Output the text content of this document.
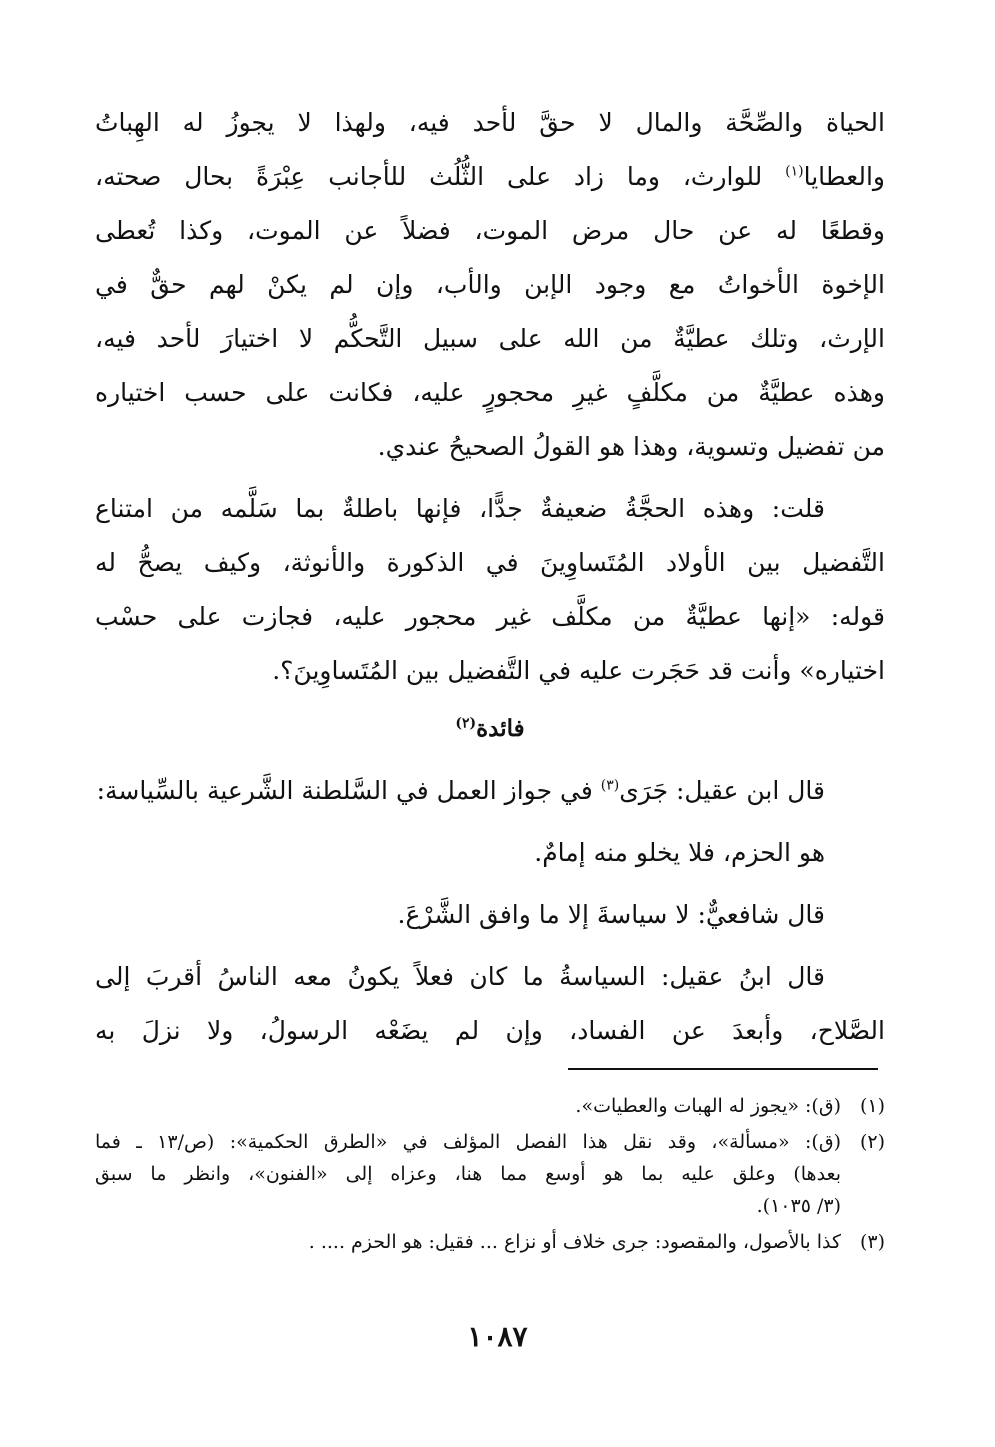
الحياة والصِّحَّة والمال لا حقَّ لأحد فيه، ولهذا لا يجوزُ له الهِباتُ
والعطايا$^{(١)}$ للوارث، وما زاد على الثُّلُث للأجانب عِبْرَةً بحال صحته،
وقطعًا له عن حال مرض الموت، فضلاً عن الموت، وكذا تُعطى
الإخوة الأخواتُ مع وجود الإبن والأب، وإن لم يكنْ لهم حقٌّ في
الإرث، وتلك عطيَّةٌ من الله على سبيل التَّحكُّم لا اختيارَ لأحد فيه،
وهذه عطيَّةٌ من مكلَّفٍ غيرِ محجورٍ عليه، فكانت على حسب اختياره
من تفضيل وتسوية، وهذا هو القولُ الصحيحُ عندي.
قلت: وهذه الحجَّةُ ضعيفةٌ جدًّا، فإنها باطلةٌ بما سَلَّمه من امتناع
التَّفضيل بين الأولاد المُتَساوِينَ في الذكورة والأنوثة، وكيف يصحُّ له
قوله: «إنها عطيَّةٌ من مكلَّف غير محجور عليه، فجازت على حسْب
اختياره» وأنت قد حَجَرت عليه في التَّفضيل بين المُتَساوِينَ؟.
فائدة$^{(٢)}$
قال ابن عقيل: جَرَى$^{(٣)}$ في جواز العمل في السَّلطنة الشَّرعية بالسِّياسة:
هو الحزم، فلا يخلو منه إمامٌ.
قال شافعيٌّ: لا سياسةَ إلا ما وافق الشَّرْعَ.
قال ابنُ عقيل: السياسةُ ما كان فعلاً يكونُ معه الناسُ أقربَ إلى
الصَّلاح، وأبعدَ عن الفساد، وإن لم يضَعْه الرسولُ، ولا نزلَ به
(١)
(ق): «يجوز له الهبات والعطيات».
(٢)
(ق): «مسألة»، وقد نقل هذا الفصل المؤلف في «الطرق الحكمية»: (ص/١٣ ـ فما
بعدها) وعلق عليه بما هو أوسع مما هنا، وعزاه إلى «الفنون»، وانظر ما سبق
(٣/ ١٠٣٥).
(٣)
كذا بالأصول، والمقصود: جرى خلاف أو نزاع ... فقيل: هو الحزم .... .
١٠٨٧
